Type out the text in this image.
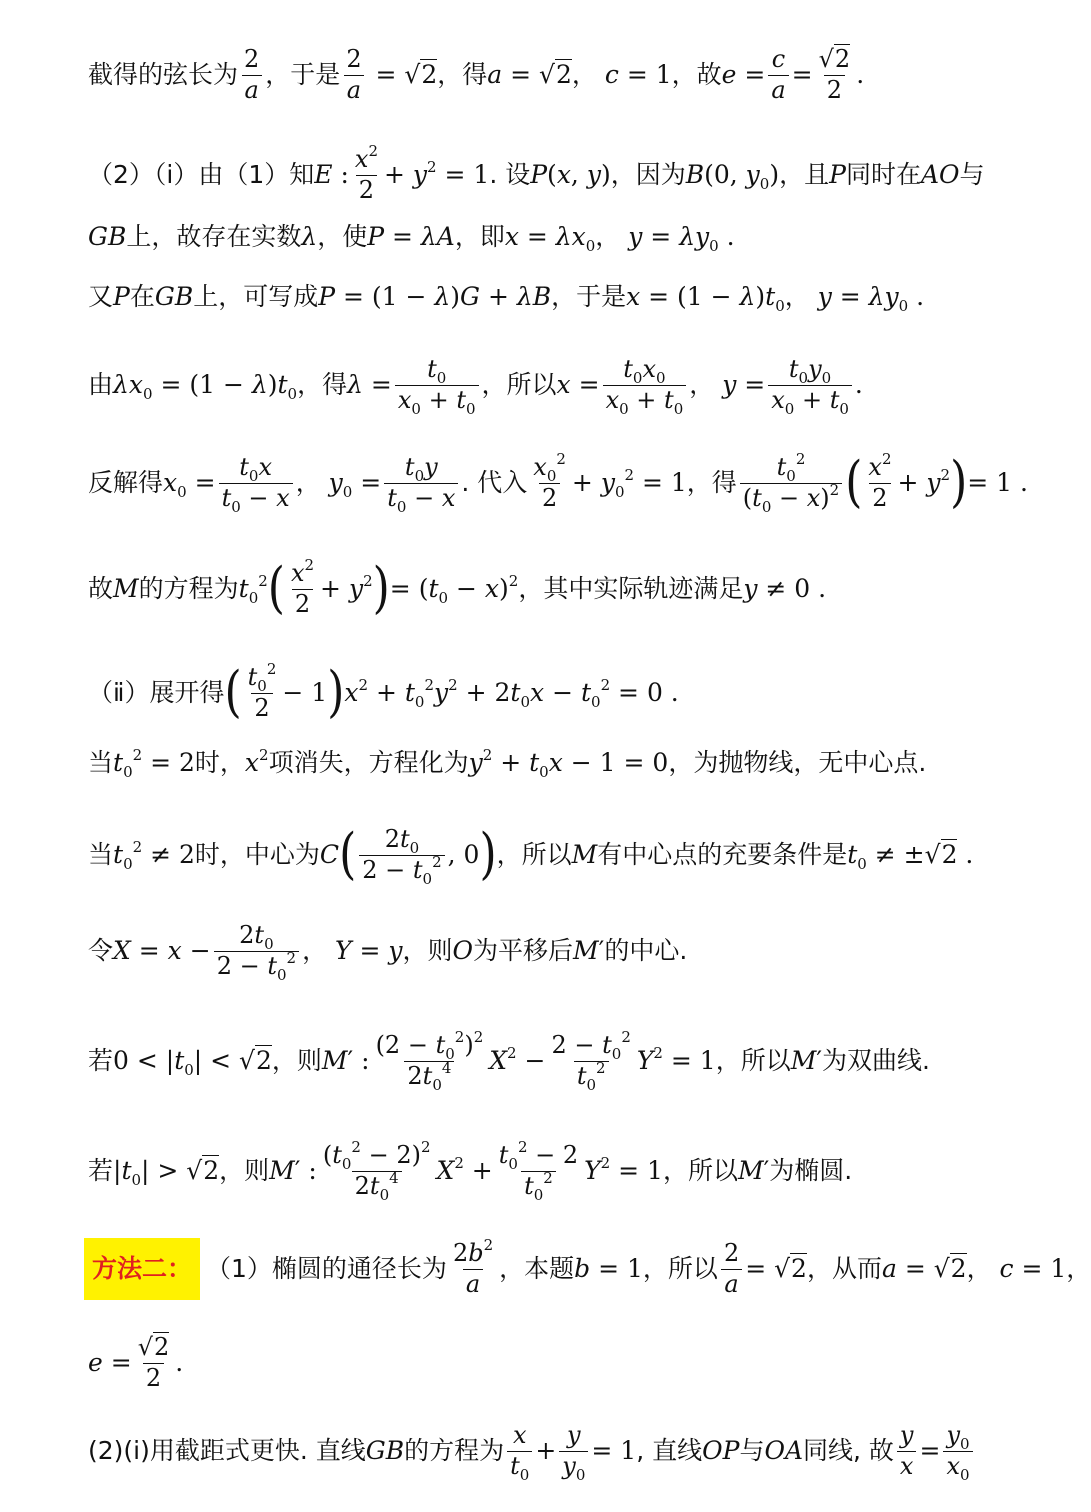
截得的弦长为 $\frac{2}{a}$ ，于是 $\frac{2}{a} = √2$ ，得 a = √2 ， c = 1 ，故 $e = \frac{c}{a} = \frac{√2}{2}$ .
（2）（ⅰ）由（1）知 E : $\frac{x^2}{2} + y^2 = 1$ . 设 P(x, y) ，因为 B(0, $y_0$) ，且 P 同时在 AO 与
GB 上，故存在实数 λ ，使 P = λA ，即 $x = \lambda x_0$， $y = \lambda y_0$ .
又 P 在 GB 上，可写成 P = (1 − λ)G + λB ，于是 $x = (1 - \lambda)t_0$， $y = \lambda y_0$ .
由 $\lambda x_0 = (1 - \lambda)t_0$ ，得 $\lambda = \frac{t_0}{x_0 + t_0}$ ，所以 $x = \frac{t_0x_0}{x_0 + t_0}$ ， $y = \frac{t_0y_0}{x_0 + t_0}$ .
反解得 $x_0 = \frac{t_0x}{t_0 - x}$ ， $y_0 = \frac{t_0y}{t_0 - x}$ . 代入 $\frac{x_0^2}{2} + y_0^2 = 1$ ，得 $\frac{t_0^2}{(t_0 - x)^2}$ ( $\frac{x^2}{2} + y^2$ ) = 1 .
故 M 的方程为 $t_0^2$ ( $\frac{x^2}{2} + y^2$ ) = $(t_0 - x)^2$ ，其中实际轨迹满足 y ≠ 0 .
（ⅱ）展开得 ( $\frac{t_0^2}{2} - 1$ ) $x^2 + t_0^2y^2 + 2t_0x - t_0^2 = 0$ .
当 $t_0^2 = 2$ 时， $x^2$ 项消失，方程化为 $y^2 + t_0x - 1 = 0$ ，为抛物线，无中心点.
当 $t_0^2 \ne 2$ 时，中心为 C ( $\frac{2t_0}{2 - t_0^2}$ , 0 ) ，所以 M 有中心点的充要条件是 $t_0 \ne \pm√2$ .
令 $X = x - \frac{2t_0}{2 - t_0^2}$ ， Y = y ，则 O 为平移后 M′ 的中心.
若 $0 < |t_0| < √2$ ，则 M′ : $\frac{(2 - t_0^2)^2}{2t_0^4} X^2 - \frac{2 - t_0^2}{t_0^2} Y^2 = 1$ ，所以 M′ 为双曲线.
若 $|t_0| > √2$ ，则 M′ : $\frac{(t_0^2 - 2)^2}{2t_0^4} X^2 + \frac{t_0^2 - 2}{t_0^2} Y^2 = 1$ ，所以 M′ 为椭圆.
方法二： （1）椭圆的通径长为 $\frac{2b^2}{a}$ ，本题 b = 1 ，所以 $\frac{2}{a} = √2$ ，从而 a = √2 ， c = 1，
$e = \frac{√2}{2}$ .
(2)(ⅰ)用截距式更快. 直线 GB 的方程为 $\frac{x}{t_0} + \frac{y}{y_0} = 1$ , 直线 OP 与 OA 同线, 故 $\frac{y}{x} = \frac{y_0}{x_0}$
